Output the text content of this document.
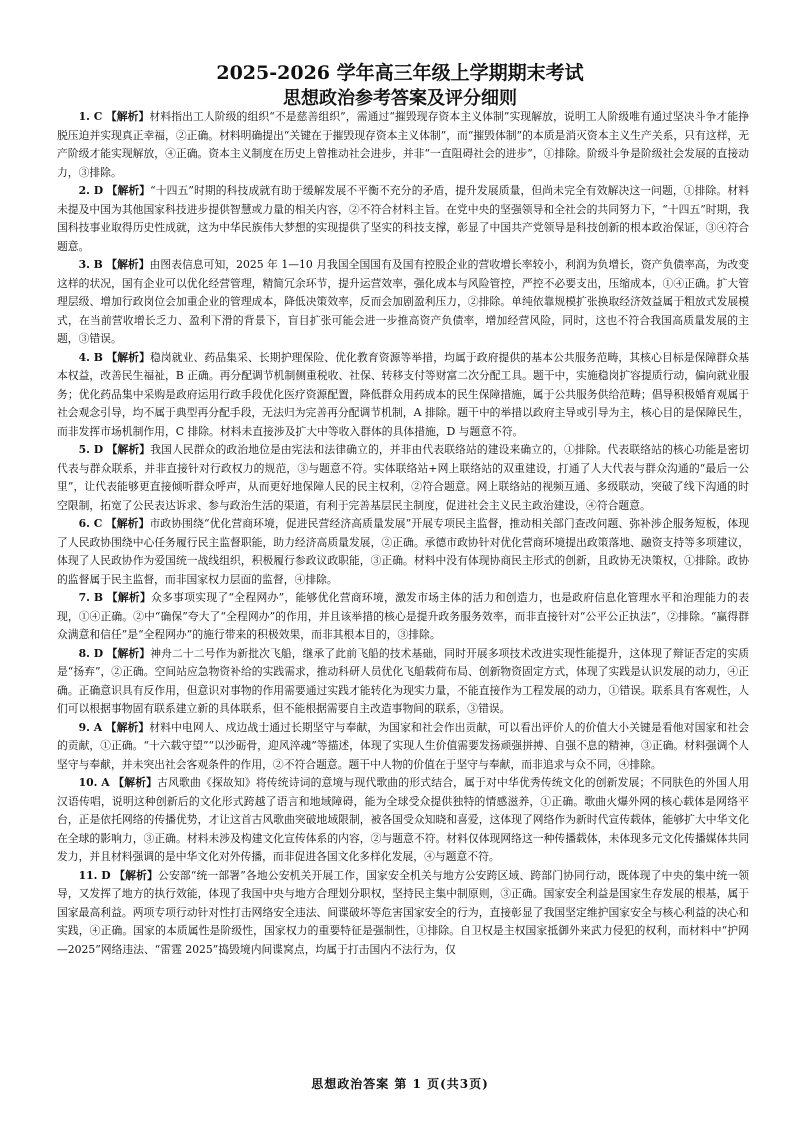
2025-2026 学年高三年级上学期期末考试
思想政治参考答案及评分细则

1. C 【解析】材料指出工人阶级的组织“不是慈善组织”，需通过“摧毁现存资本主义体制”实现解放，说明工人阶级唯有通过坚决斗争才能挣脱压迫并实现真正幸福，②正确。材料明确提出“关键在于摧毁现存资本主义体制”，而“摧毁体制”的本质是消灭资本主义生产关系，只有这样，无产阶级才能实现解放，④正确。资本主义制度在历史上曾推动社会进步，并非“一直阻碍社会的进步”，①排除。阶级斗争是阶级社会发展的直接动力，③排除。

2. D 【解析】“十四五”时期的科技成就有助于缓解发展不平衡不充分的矛盾，提升发展质量，但尚未完全有效解决这一问题，①排除。材料未提及中国为其他国家科技进步提供智慧或力量的相关内容，②不符合材料主旨。在党中央的坚强领导和全社会的共同努力下，“十四五”时期，我国科技事业取得历史性成就，这为中华民族伟大梦想的实现提供了坚实的科技支撑，彰显了中国共产党领导是科技创新的根本政治保证，③④符合题意。

3. B 【解析】由图表信息可知，2025 年 1—10 月我国全国国有及国有控股企业的营收增长率较小，利润为负增长，资产负债率高，为改变这样的状况，国有企业可以优化经营管理，精简冗余环节，提升运营效率，强化成本与风险管控，严控不必要支出，压缩成本，①④正确。扩大管理层级、增加行政岗位会加重企业的管理成本，降低决策效率，反而会加剧盈利压力，②排除。单纯依靠规模扩张换取经济效益属于粗放式发展模式，在当前营收增长乏力、盈利下滑的背景下，盲目扩张可能会进一步推高资产负债率，增加经营风险，同时，这也不符合我国高质量发展的主题，③错误。

4. B 【解析】稳岗就业、药品集采、长期护理保险、优化教育资源等举措，均属于政府提供的基本公共服务范畴，其核心目标是保障群众基本权益，改善民生福祉，B 正确。再分配调节机制侧重税收、社保、转移支付等财富二次分配工具。题干中，实施稳岗扩容提质行动，偏向就业服务；优化药品集中采购是政府运用行政手段优化医疗资源配置，降低群众用药成本的民生保障措施，属于公共服务供给范畴；倡导积极婚育观属于社会观念引导，均不属于典型再分配手段，无法归为完善再分配调节机制，A 排除。题干中的举措以政府主导或引导为主，核心目的是保障民生，而非发挥市场机制作用，C 排除。材料未直接涉及扩大中等收入群体的具体措施，D 与题意不符。

5. D 【解析】我国人民群众的政治地位是由宪法和法律确立的，并非由代表联络站的建设来确立的，①排除。代表联络站的核心功能是密切代表与群众联系，并非直接针对行政权力的规范，③与题意不符。实体联络站+网上联络站的双重建设，打通了人大代表与群众沟通的“最后一公里”，让代表能够更直接倾听群众呼声，从而更好地保障人民的民主权利，②符合题意。网上联络站的视频互通、多级联动，突破了线下沟通的时空限制，拓宽了公民表达诉求、参与政治生活的渠道，有利于完善基层民主制度，促进社会主义民主政治建设，④符合题意。

6. C 【解析】市政协围绕“优化营商环境，促进民营经济高质量发展”开展专项民主监督，推动相关部门查改问题、弥补涉企服务短板，体现了人民政协围绕中心任务履行民主监督职能，助力经济高质量发展，②正确。承德市政协针对优化营商环境提出政策落地、融资支持等多项建议，体现了人民政协作为爱国统一战线组织，积极履行参政议政职能，③正确。材料中没有体现协商民主形式的创新，且政协无决策权，①排除。政协的监督属于民主监督，而非国家权力层面的监督，④排除。

7. B 【解析】众多事项实现了“全程网办”，能够优化营商环境，激发市场主体的活力和创造力，也是政府信息化管理水平和治理能力的表现，①④正确。②中“确保”夸大了“全程网办”的作用，并且该举措的核心是提升政务服务效率，而非直接针对“公平公正执法”，②排除。“赢得群众满意和信任”是“全程网办”的施行带来的积极效果，而非其根本目的，③排除。

8. D 【解析】神舟二十二号作为新批次飞船，继承了此前飞船的技术基础，同时开展多项技术改进实现性能提升，这体现了辩证否定的实质是“扬弃”，②正确。空间站应急物资补给的实践需求，推动科研人员优化飞船载荷布局、创新物资固定方式，体现了实践是认识发展的动力，④正确。正确意识具有反作用，但意识对事物的作用需要通过实践才能转化为现实力量，不能直接作为工程发展的动力，①错误。联系具有客观性，人们可以根据事物固有联系建立新的具体联系，但不能根据需要自主改造事物间的联系，③错误。

9. A 【解析】材料中电网人、戍边战士通过长期坚守与奉献，为国家和社会作出贡献，可以看出评价人的价值大小关键是看他对国家和社会的贡献，①正确。“十六载守望”“以沙砺骨，迎风淬魂”等描述，体现了实现人生价值需要发扬顽强拼搏、自强不息的精神，③正确。材料强调个人坚守与奉献，并未突出社会客观条件的作用，②不符合题意。题干中人物的价值在于坚守与奉献，而非追求与众不同，④排除。

10. A 【解析】古风歌曲《探故知》将传统诗词的意境与现代歌曲的形式结合，属于对中华优秀传统文化的创新发展；不同肤色的外国人用汉语传唱，说明这种创新后的文化形式跨越了语言和地域障碍，能为全球受众提供独特的情感滋养，①正确。歌曲火爆外网的核心载体是网络平台，正是依托网络的传播优势，才让这首古风歌曲突破地域限制，被各国受众知晓和喜爱，这体现了网络作为新时代宣传载体，能够扩大中华文化在全球的影响力，③正确。材料未涉及构建文化宣传体系的内容，②与题意不符。材料仅体现网络这一种传播载体，未体现多元文化传播媒体共同发力，并且材料强调的是中华文化对外传播，而非促进各国文化多样化发展，④与题意不符。

11. D 【解析】公安部“统一部署”各地公安机关开展工作，国家安全机关与地方公安跨区域、跨部门协同行动，既体现了中央的集中统一领导，又发挥了地方的执行效能，体现了我国中央与地方合理划分职权，坚持民主集中制原则，③正确。国家安全利益是国家生存发展的根基，属于国家最高利益。两项专项行动针对性打击网络安全违法、间谍破坏等危害国家安全的行为，直接彰显了我国坚定维护国家安全与核心利益的决心和实践，④正确。国家的本质属性是阶级性，国家权力的重要特征是强制性，①排除。自卫权是主权国家抵御外来武力侵犯的权利，而材料中“护网—2025”网络违法、“雷霆 2025”捣毁境内间谍窝点，均属于打击国内不法行为，仅

思想政治答案 第 1 页(共3页)
